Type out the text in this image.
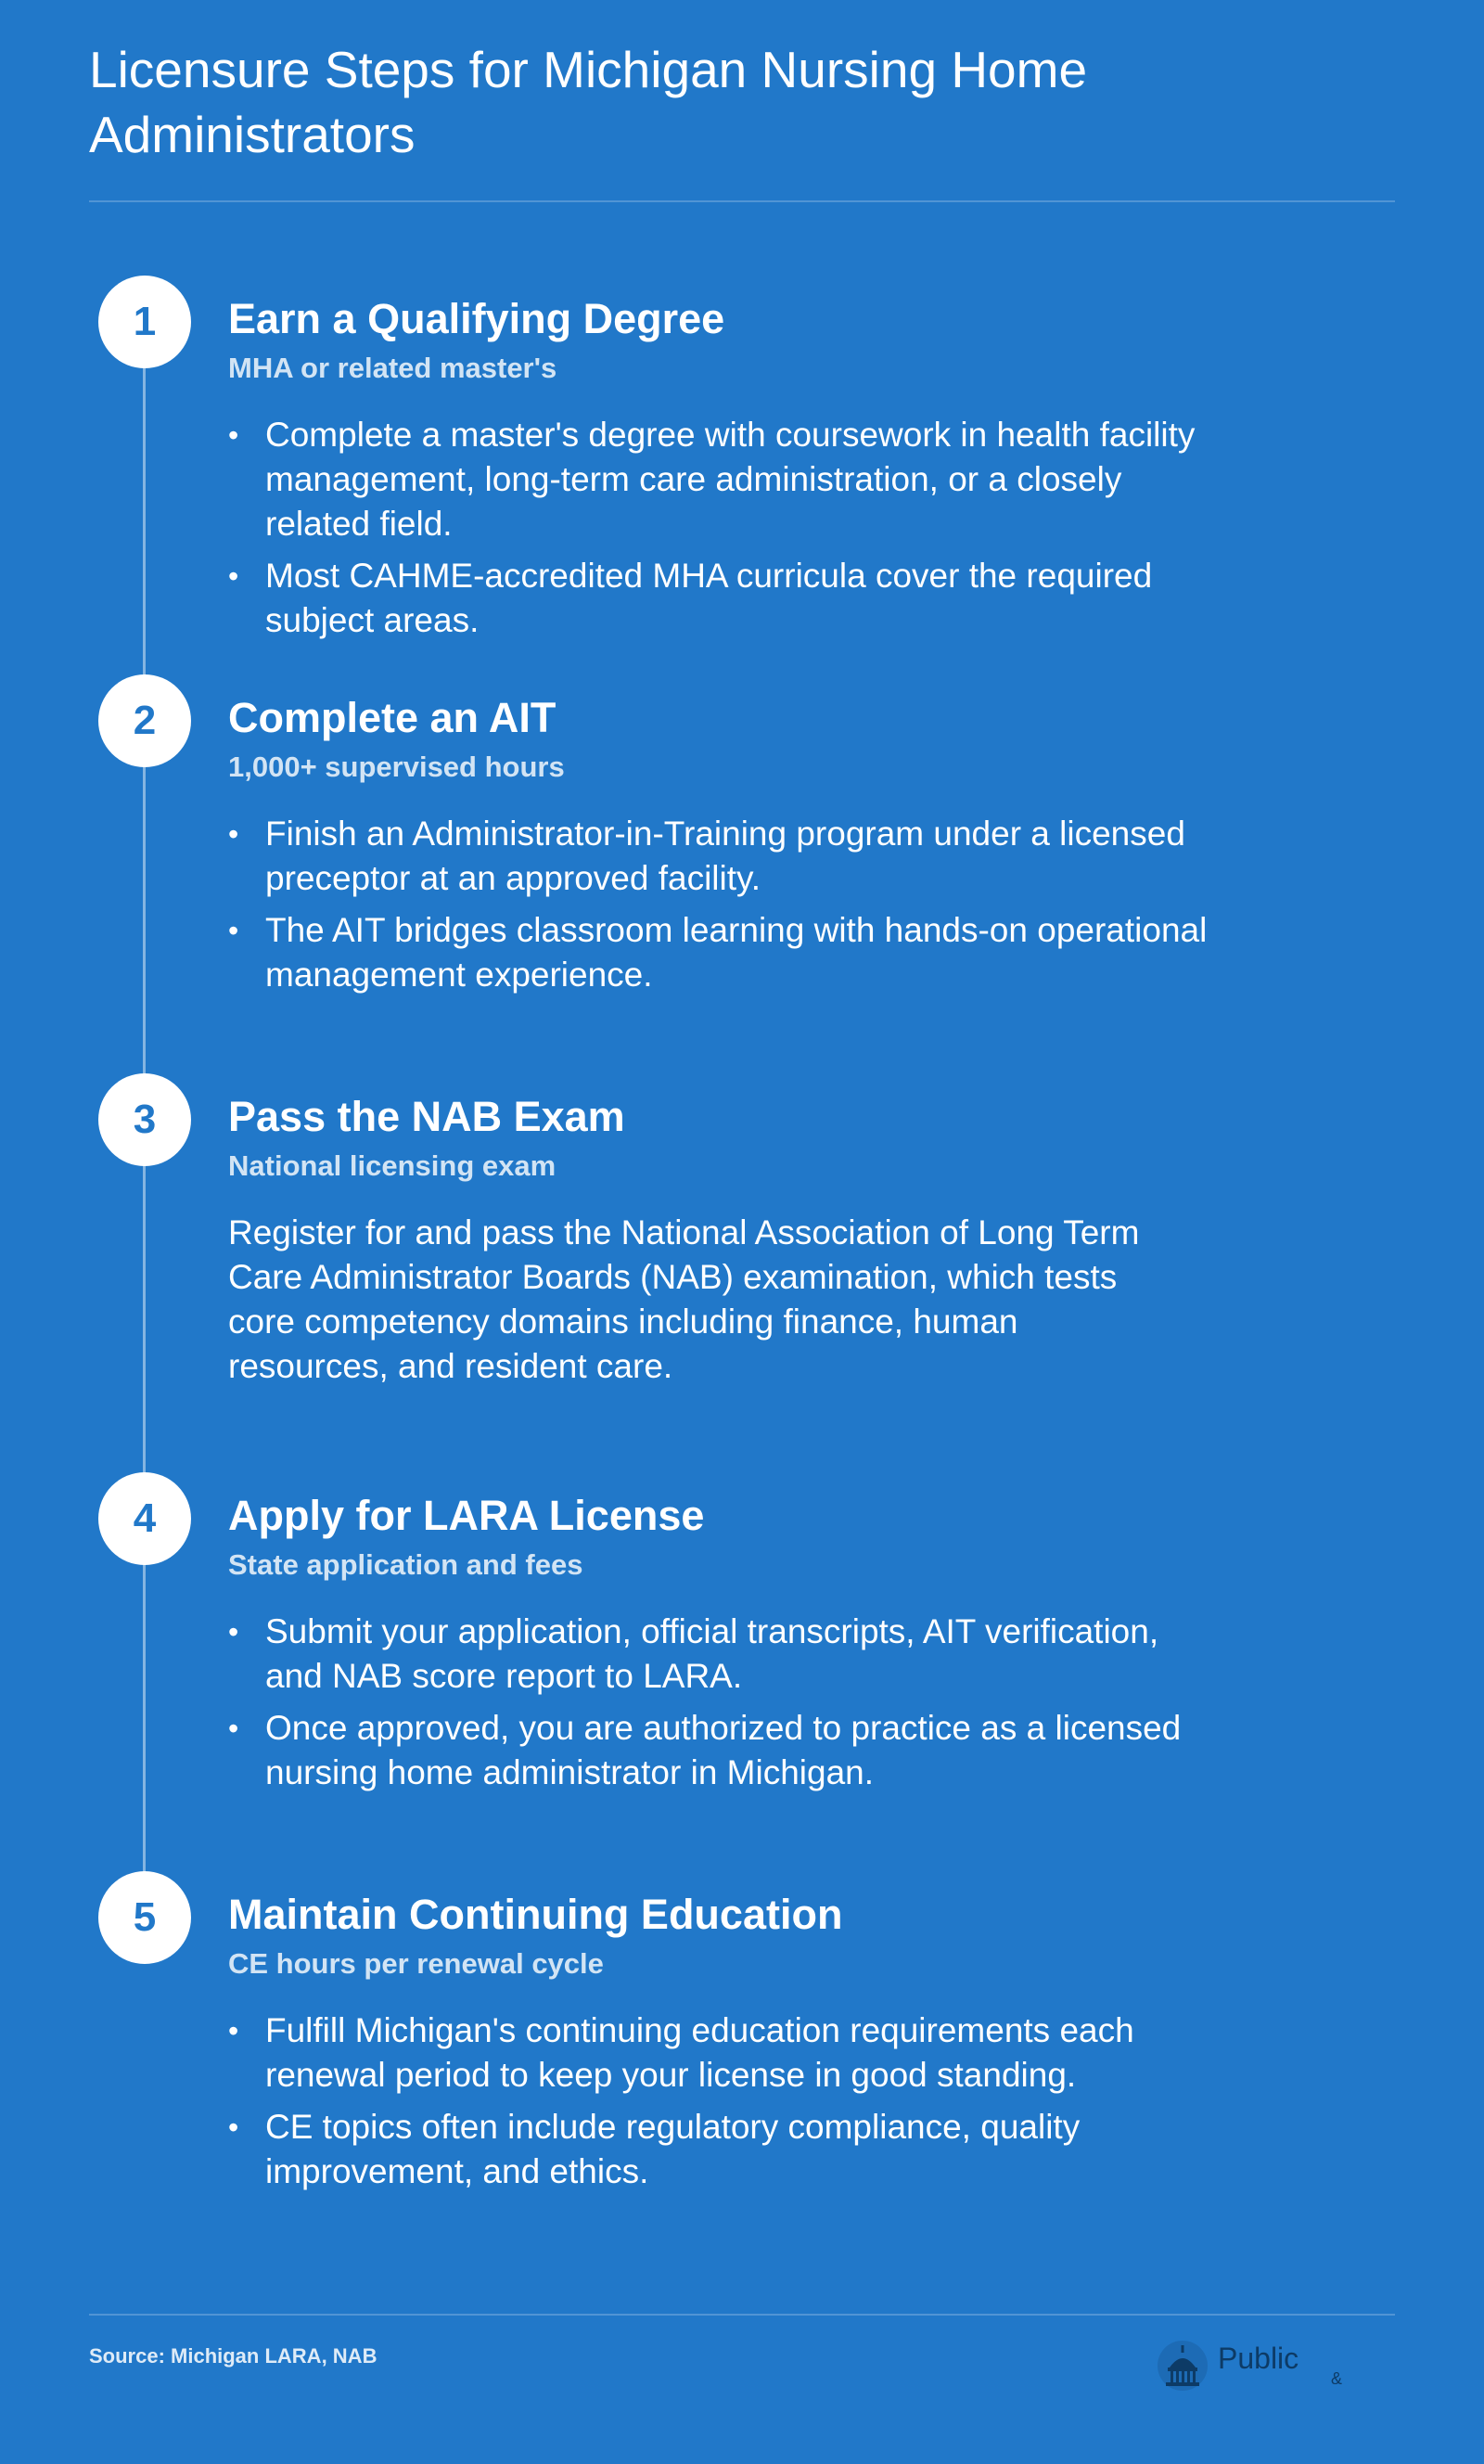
Licensure Steps for Michigan Nursing Home Administrators
1	Earn a Qualifying Degree
MHA or related master's
• Complete a master's degree with coursework in health facility management, long-term care administration, or a closely related field.
• Most CAHME-accredited MHA curricula cover the required subject areas.
2	Complete an AIT
1,000+ supervised hours
• Finish an Administrator-in-Training program under a licensed preceptor at an approved facility.
• The AIT bridges classroom learning with hands-on operational management experience.
3	Pass the NAB Exam
National licensing exam

Register for and pass the National Association of Long Term Care Administrator Boards (NAB) examination, which tests core competency domains including finance, human resources, and resident care.

4	Apply for LARA License
State application and fees
• Submit your application, official transcripts, AIT verification, and NAB score report to LARA.
• Once approved, you are authorized to practice as a licensed nursing home administrator in Michigan.
5	Maintain Continuing Education
CE hours per renewal cycle
• Fulfill Michigan's continuing education requirements each renewal period to keep your license in good standing.
• CE topics often include regulatory compliance, quality improvement, and ethics.
Source: Michigan LARA, NAB	Public
&
